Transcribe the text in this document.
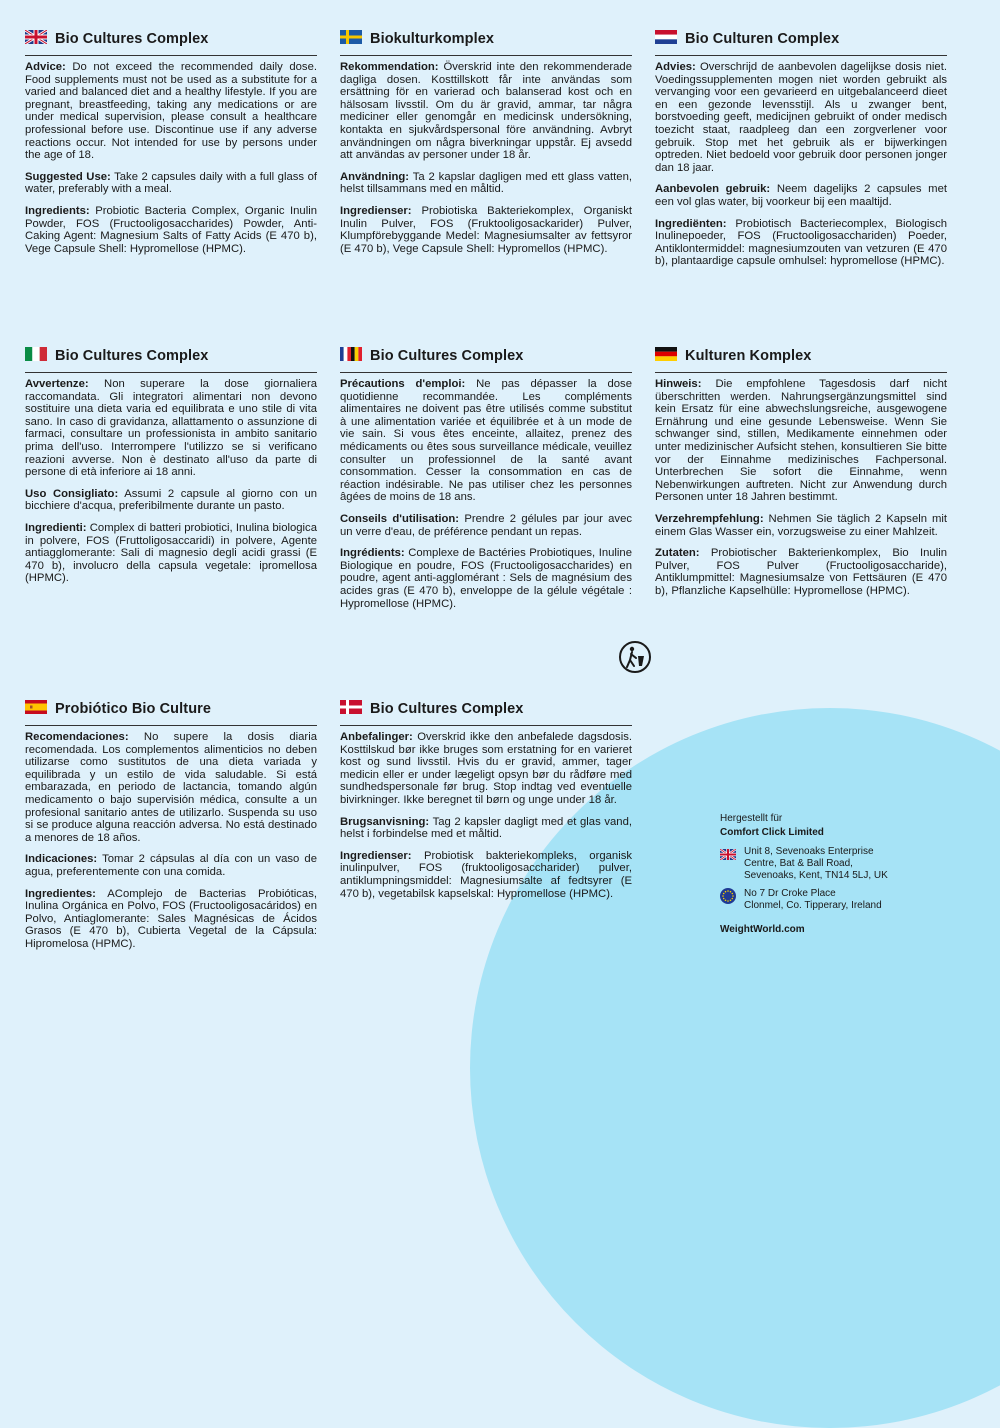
Bio Cultures Complex

Advice: Do not exceed the recommended daily dose. Food supplements must not be used as a substitute for a varied and balanced diet and a healthy lifestyle. If you are pregnant, breastfeeding, taking any medications or are under medical supervision, please consult a healthcare professional before use. Discontinue use if any adverse reactions occur. Not intended for use by persons under the age of 18.

Suggested Use: Take 2 capsules daily with a full glass of water, preferably with a meal.

Ingredients: Probiotic Bacteria Complex, Organic Inulin Powder, FOS (Fructooligosaccharides) Powder, Anti-Caking Agent: Magnesium Salts of Fatty Acids (E 470 b), Vege Capsule Shell: Hypromellose (HPMC).

Biokulturkomplex

Rekommendation: Överskrid inte den rekommenderade dagliga dosen. Kosttillskott får inte användas som ersättning för en varierad och balanserad kost och en hälsosam livsstil. Om du är gravid, ammar, tar några mediciner eller genomgår en medicinsk undersökning, kontakta en sjukvårdspersonal före användning. Avbryt användningen om några biverkningar uppstår. Ej avsedd att användas av personer under 18 år.

Användning: Ta 2 kapslar dagligen med ett glass vatten, helst tillsammans med en måltid.

Ingredienser: Probiotiska Bakteriekomplex, Organiskt Inulin Pulver, FOS (Fruktooligosackarider) Pulver, Klumpförebyggande Medel: Magnesiumsalter av fettsyror (E 470 b), Vege Capsule Shell: Hypromellos (HPMC).

Bio Culturen Complex

Advies: Overschrijd de aanbevolen dagelijkse dosis niet. Voedingssupplementen mogen niet worden gebruikt als vervanging voor een gevarieerd en uitgebalanceerd dieet en een gezonde levensstijl. Als u zwanger bent, borstvoeding geeft, medicijnen gebruikt of onder medisch toezicht staat, raadpleeg dan een zorgverlener voor gebruik. Stop met het gebruik als er bijwerkingen optreden. Niet bedoeld voor gebruik door personen jonger dan 18 jaar.

Aanbevolen gebruik: Neem dagelijks 2 capsules met een vol glas water, bij voorkeur bij een maaltijd.

Ingrediënten: Probiotisch Bacteriecomplex, Biologisch Inulinepoeder, FOS (Fructooligosacchariden) Poeder, Antiklontermiddel: magnesiumzouten van vetzuren (E 470 b), plantaardige capsule omhulsel: hypromellose (HPMC).

Bio Cultures Complex

Avvertenze: Non superare la dose giornaliera raccomandata. Gli integratori alimentari non devono sostituire una dieta varia ed equilibrata e uno stile di vita sano. In caso di gravidanza, allattamento o assunzione di farmaci, consultare un professionista in ambito sanitario prima dell'uso. Interrompere l'utilizzo se si verificano reazioni avverse. Non è destinato all'uso da parte di persone di età inferiore ai 18 anni.

Uso Consigliato: Assumi 2 capsule al giorno con un bicchiere d'acqua, preferibilmente durante un pasto.

Ingredienti: Complex di batteri probiotici, Inulina biologica in polvere, FOS (Fruttoligosaccaridi) in polvere, Agente antiagglomerante: Sali di magnesio degli acidi grassi (E 470 b), involucro della capsula vegetale: ipromellosa (HPMC).

Bio Cultures Complex

Précautions d'emploi: Ne pas dépasser la dose quotidienne recommandée. Les compléments alimentaires ne doivent pas être utilisés comme substitut à une alimentation variée et équilibrée et à un mode de vie sain. Si vous êtes enceinte, allaitez, prenez des médicaments ou êtes sous surveillance médicale, veuillez consulter un professionnel de la santé avant consommation. Cesser la consommation en cas de réaction indésirable. Ne pas utiliser chez les personnes âgées de moins de 18 ans.

Conseils d'utilisation: Prendre 2 gélules par jour avec un verre d'eau, de préférence pendant un repas.

Ingrédients: Complexe de Bactéries Probiotiques, Inuline Biologique en poudre, FOS (Fructooligosaccharides) en poudre, agent anti-agglomérant : Sels de magnésium des acides gras (E 470 b), enveloppe de la gélule végétale : Hypromellose (HPMC).

Kulturen Komplex

Hinweis: Die empfohlene Tagesdosis darf nicht überschritten werden. Nahrungsergänzungsmittel sind kein Ersatz für eine abwechslungsreiche, ausgewogene Ernährung und eine gesunde Lebensweise. Wenn Sie schwanger sind, stillen, Medikamente einnehmen oder unter medizinischer Aufsicht stehen, konsultieren Sie bitte vor der Einnahme medizinisches Fachpersonal. Unterbrechen Sie sofort die Einnahme, wenn Nebenwirkungen auftreten. Nicht zur Anwendung durch Personen unter 18 Jahren bestimmt.

Verzehrempfehlung: Nehmen Sie täglich 2 Kapseln mit einem Glas Wasser ein, vorzugsweise zu einer Mahlzeit.

Zutaten: Probiotischer Bakterienkomplex, Bio Inulin Pulver, FOS Pulver (Fructooligosaccharide), Antiklumpmittel: Magnesiumsalze von Fettsäuren (E 470 b), Pflanzliche Kapselhülle: Hypromellose (HPMC).

Probiótico Bio Culture

Recomendaciones: No supere la dosis diaria recomendada. Los complementos alimenticios no deben utilizarse como sustitutos de una dieta variada y equilibrada y un estilo de vida saludable. Si está embarazada, en periodo de lactancia, tomando algún medicamento o bajo supervisión médica, consulte a un profesional sanitario antes de utilizarlo. Suspenda su uso si se produce alguna reacción adversa. No está destinado a menores de 18 años.

Indicaciones: Tomar 2 cápsulas al día con un vaso de agua, preferentemente con una comida.

Ingredientes: AComplejo de Bacterias Probióticas, Inulina Orgánica en Polvo, FOS (Fructooligosacáridos) en Polvo, Antiaglomerante: Sales Magnésicas de Ácidos Grasos (E 470 b), Cubierta Vegetal de la Cápsula: Hipromelosa (HPMC).

Bio Cultures Complex

Anbefalinger: Overskrid ikke den anbefalede dagsdosis. Kosttilskud bør ikke bruges som erstatning for en varieret kost og sund livsstil. Hvis du er gravid, ammer, tager medicin eller er under lægeligt opsyn bør du rådføre med sundhedspersonale før brug. Stop indtag ved eventuelle bivirkninger. Ikke beregnet til børn og unge under 18 år.

Brugsanvisning: Tag 2 kapsler dagligt med et glas vand, helst i forbindelse med et måltid.

Ingredienser: Probiotisk bakteriekompleks, organisk inulinpulver, FOS (fruktooligosaccharider) pulver, antiklumpningsmiddel: Magnesiumsalte af fedtsyrer (E 470 b), vegetabilsk kapselskal: Hypromellose (HPMC).

Hergestellt für
Comfort Click Limited
Unit 8, Sevenoaks Enterprise
Centre, Bat & Ball Road,
Sevenoaks, Kent, TN14 5LJ, UK
No 7 Dr Croke Place
Clonmel, Co. Tipperary, Ireland
WeightWorld.com
